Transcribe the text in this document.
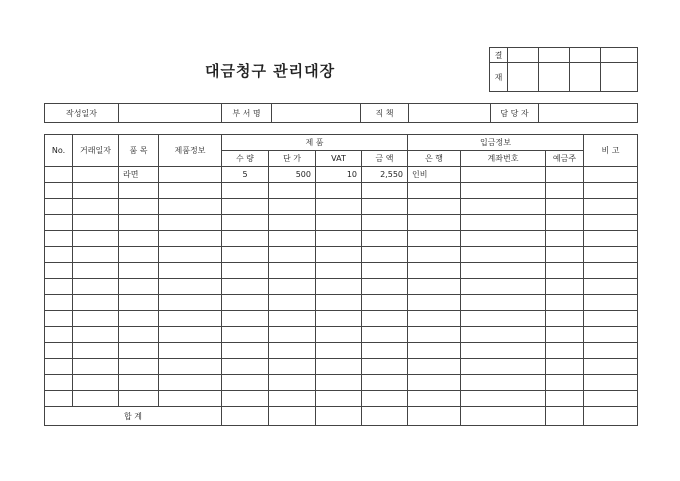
대금청구 관리대장
결				
재				
작성일자		부 서 명		직 책		담 당 자	
No.	거래일자	품 목	제품정보	제 품				입금정보			비 고
				수 량	단 가	VAT	금 액	은 행	계좌번호	예금주	
		라면		5	500	10	2,550	인비			

합 계											
